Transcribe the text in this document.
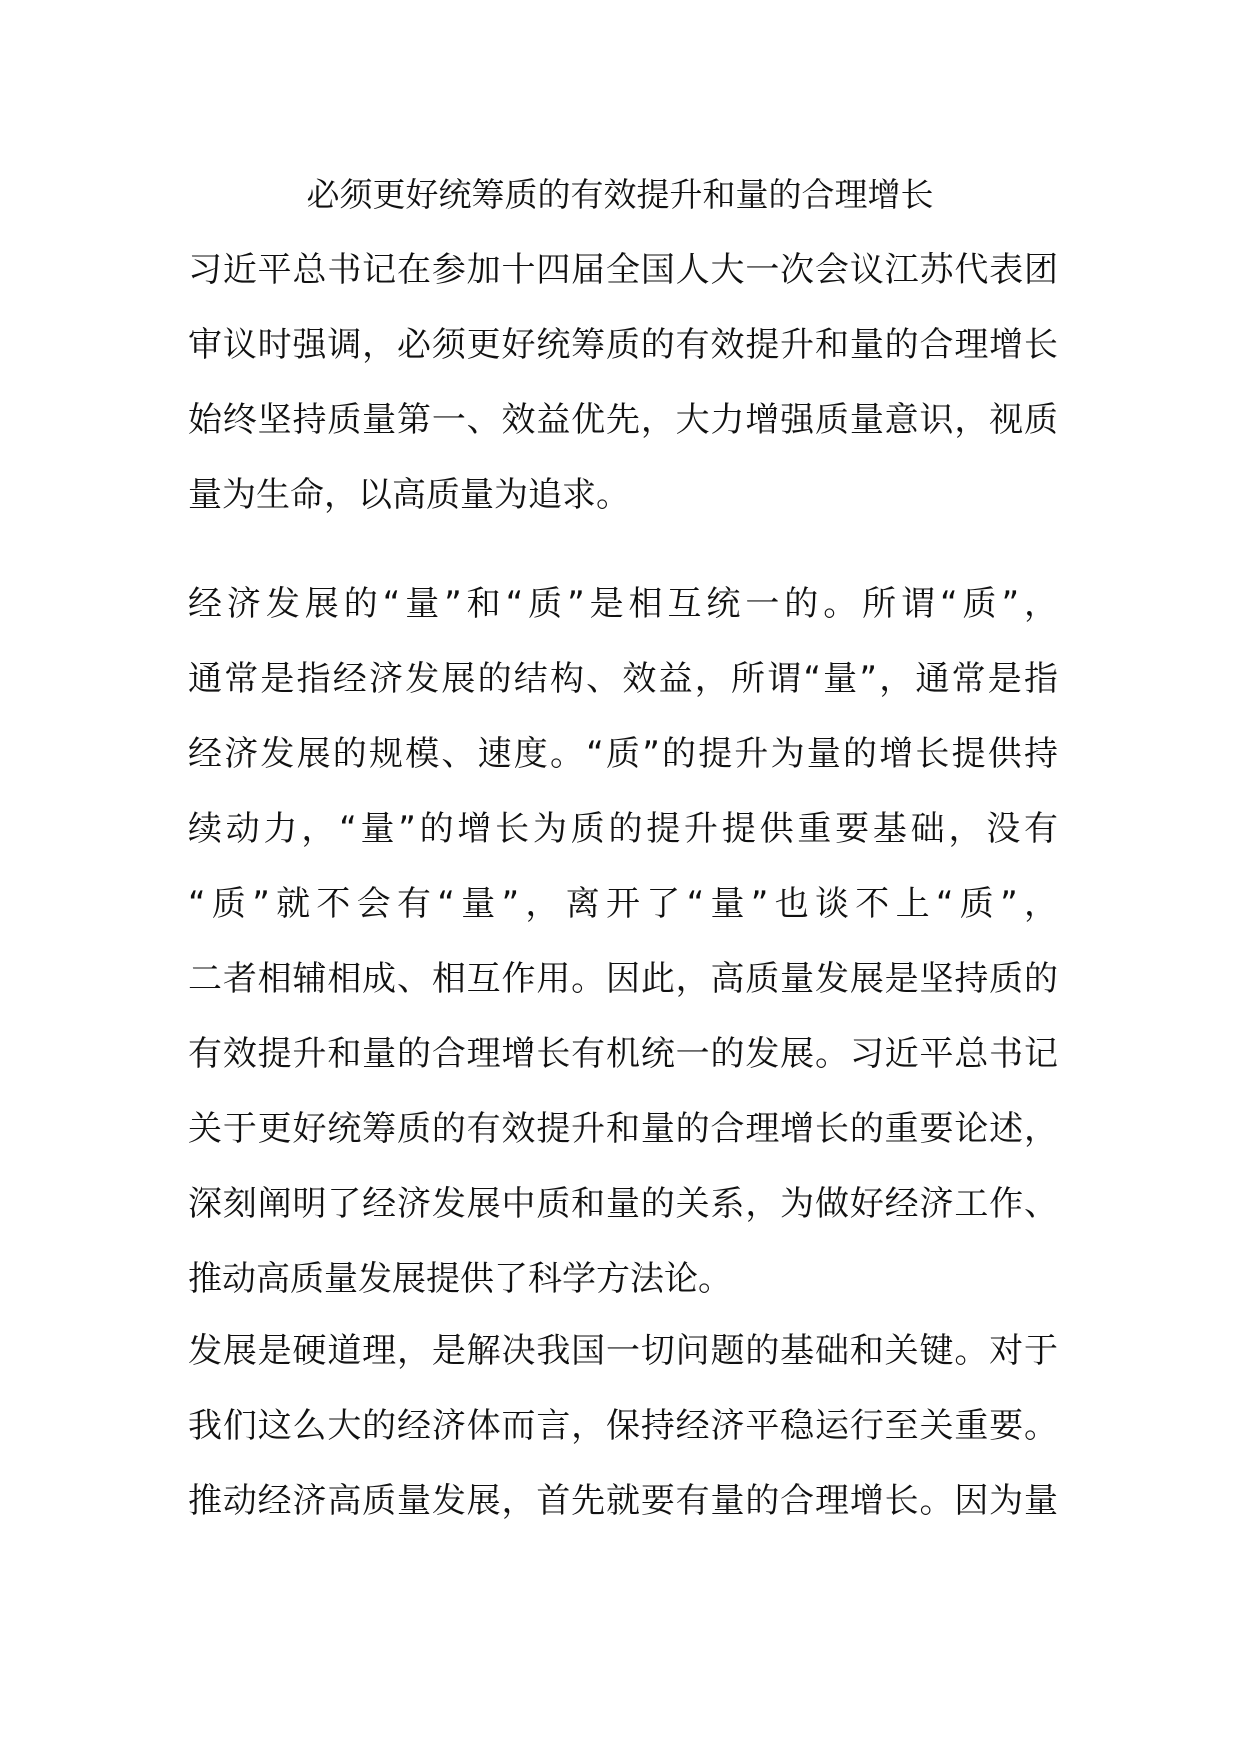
必须更好统筹质的有效提升和量的合理增长
习近平总书记在参加十四届全国人大一次会议江苏代表团
审议时强调，必须更好统筹质的有效提升和量的合理增长
始终坚持质量第一、效益优先，大力增强质量意识，视质
量为生命，以高质量为追求。
经济发展的“量”和“质”是相互统一的。所谓“质”，
通常是指经济发展的结构、效益，所谓“量”，通常是指
经济发展的规模、速度。“质”的提升为量的增长提供持
续动力，“量”的增长为质的提升提供重要基础，没有
“质”就不会有“量”，离开了“量”也谈不上“质”，
二者相辅相成、相互作用。因此，高质量发展是坚持质的
有效提升和量的合理增长有机统一的发展。习近平总书记
关于更好统筹质的有效提升和量的合理增长的重要论述，
深刻阐明了经济发展中质和量的关系，为做好经济工作、
推动高质量发展提供了科学方法论。
发展是硬道理，是解决我国一切问题的基础和关键。对于
我们这么大的经济体而言，保持经济平稳运行至关重要。
推动经济高质量发展，首先就要有量的合理增长。因为量
